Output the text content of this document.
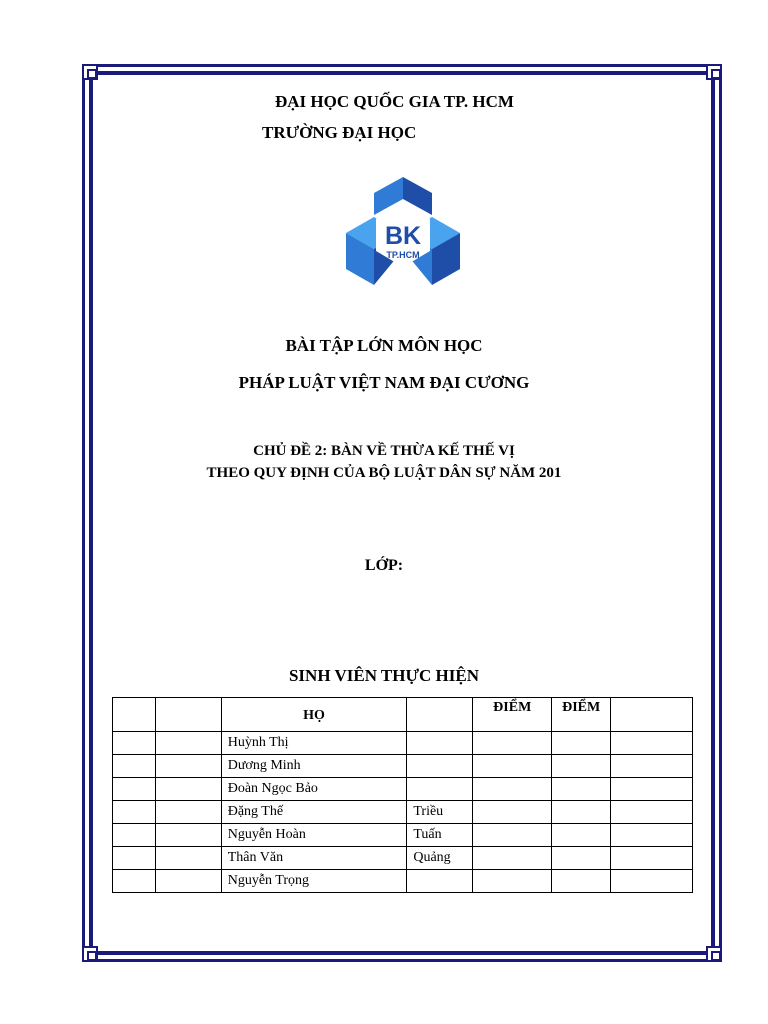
ĐẠI HỌC QUỐC GIA TP. HCM
TRƯỜNG ĐẠI HỌC
BK
TP.HCM
BÀI TẬP LỚN MÔN HỌC
PHÁP LUẬT VIỆT NAM ĐẠI CƯƠNG
CHỦ ĐỀ 2: BÀN VỀ THỪA KẾ THẾ VỊ
THEO QUY ĐỊNH CỦA BỘ LUẬT DÂN SỰ NĂM 201
LỚP:
SINH VIÊN THỰC HIỆN
		HỌ		ĐIỂM	ĐIỂM	
		Huỳnh Thị				
		Dương Minh				
		Đoàn Ngọc Bảo				
		Đặng Thế	Triều			
		Nguyễn Hoàn	Tuấn			
		Thân Văn	Quảng			
		Nguyễn Trọng				
